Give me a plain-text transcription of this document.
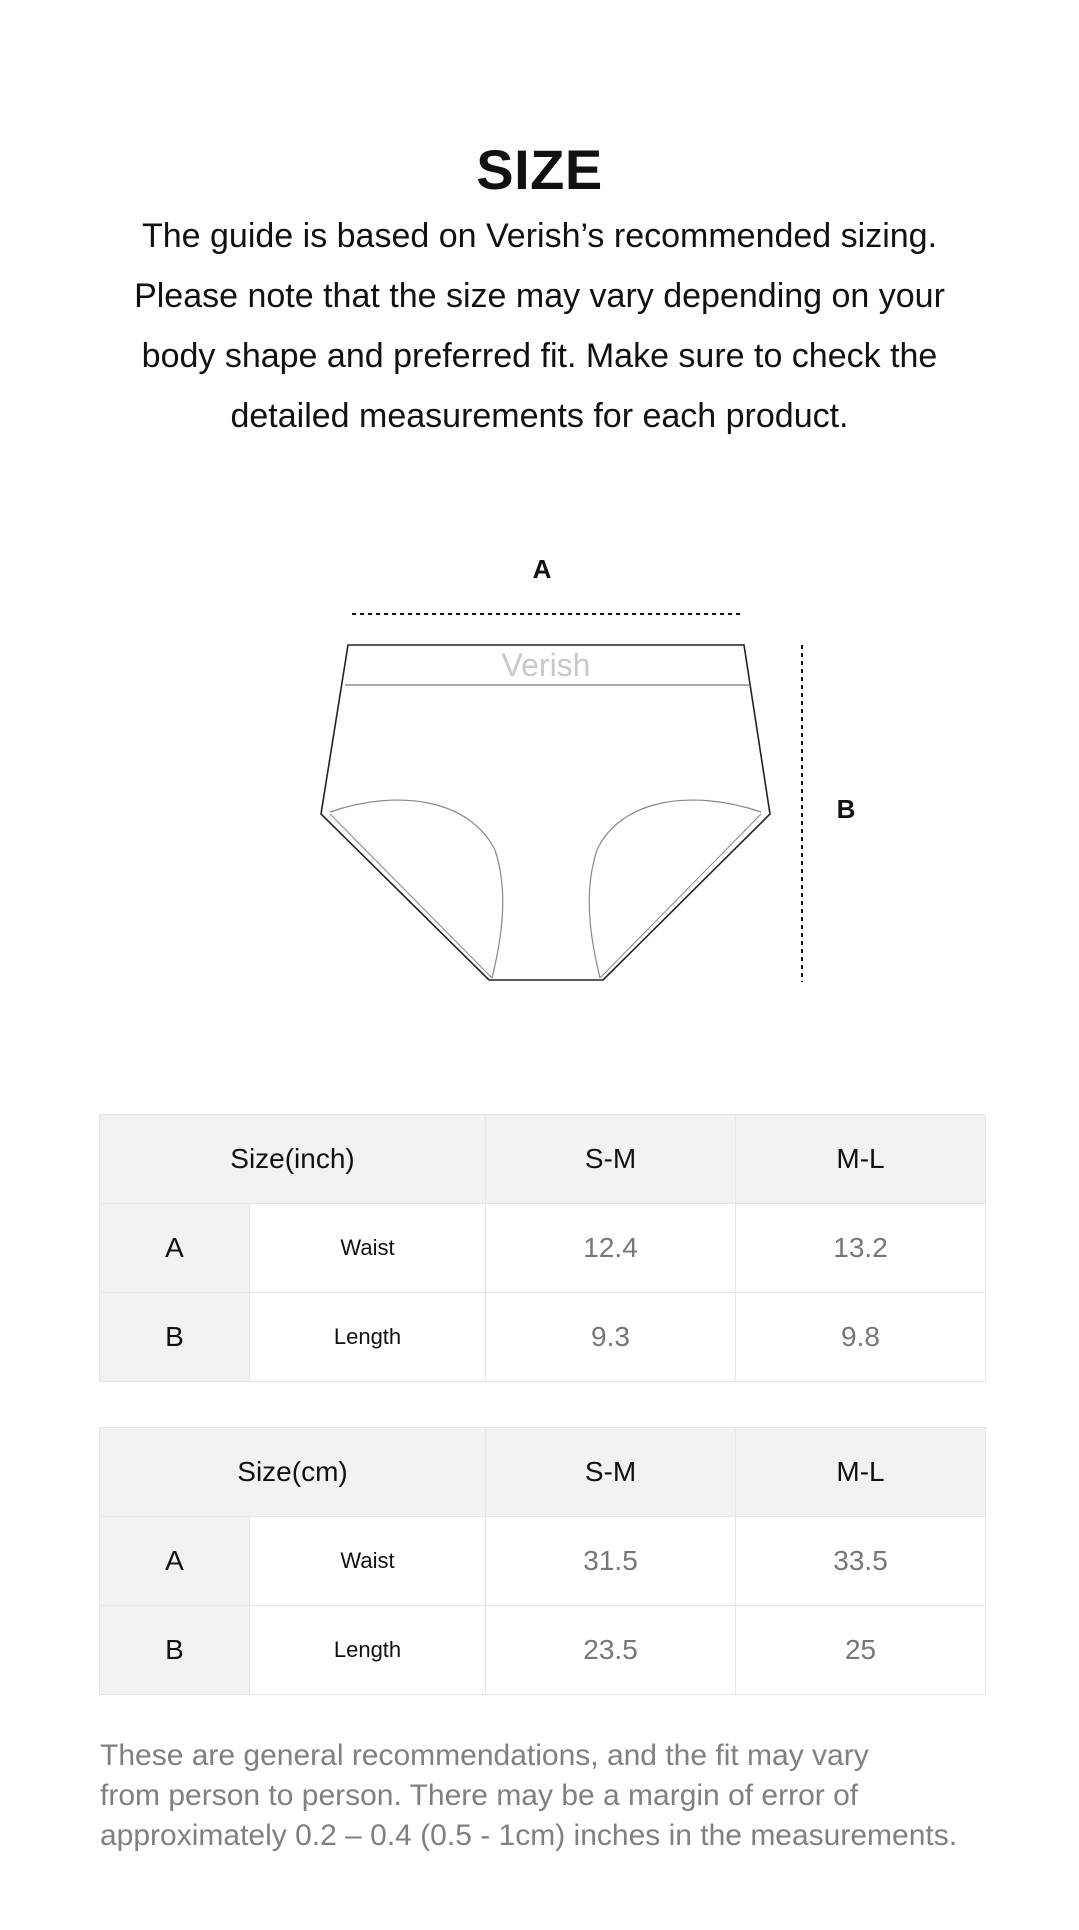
SIZE
The guide is based on Verish’s recommended sizing.
Please note that the size may vary depending on your
body shape and preferred fit. Make sure to check the
detailed measurements for each product.
A
B
Verish
Size(inch)		S-M	M-L
A	Waist	12.4	13.2
B	Length	9.3	9.8
Size(cm)		S-M	M-L
A	Waist	31.5	33.5
B	Length	23.5	25
These are general recommendations, and the fit may vary
from person to person. There may be a margin of error of
approximately 0.2 – 0.4 (0.5 - 1cm) inches in the measurements.
